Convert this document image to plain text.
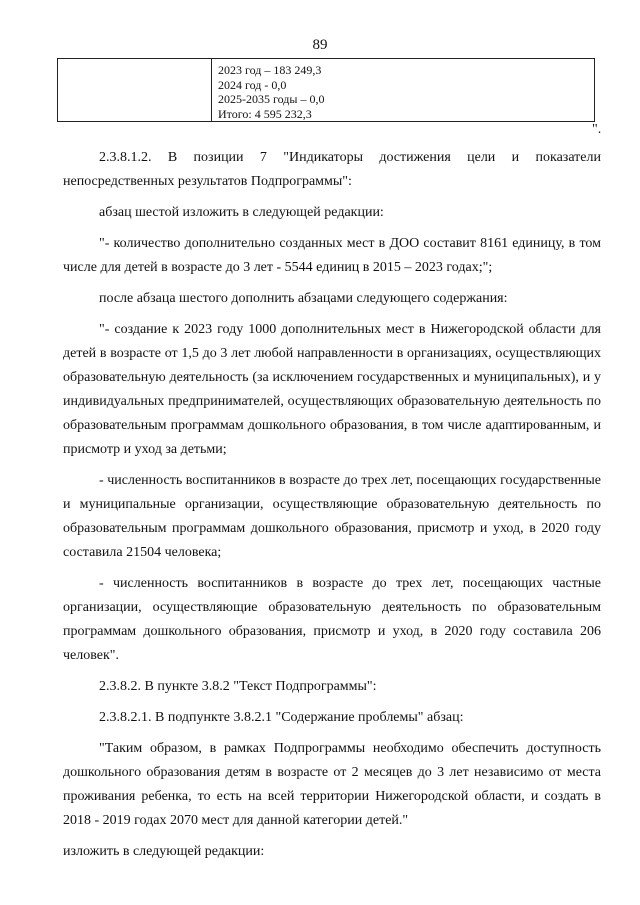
89
2023 год – 183 249,3
2024 год - 0,0
2025-2035 годы – 0,0
Итого: 4 595 232,3
".

2.3.8.1.2. В позиции 7 "Индикаторы достижения цели и показатели непосредственных результатов Подпрограммы":

абзац шестой изложить в следующей редакции:

"- количество дополнительно созданных мест в ДОО составит 8161 единицу, в том числе для детей в возрасте до 3 лет - 5544 единиц в 2015 – 2023 годах;";

после абзаца шестого дополнить абзацами следующего содержания:

"- создание к 2023 году 1000 дополнительных мест в Нижегородской области для детей в возрасте от 1,5 до 3 лет любой направленности в организациях, осуществляющих образовательную деятельность (за исключением государственных и муниципальных), и у индивидуальных предпринимателей, осуществляющих образовательную деятельность по образовательным программам дошкольного образования, в том числе адаптированным, и присмотр и уход за детьми;

- численность воспитанников в возрасте до трех лет, посещающих государственные и муниципальные организации, осуществляющие образовательную деятельность по образовательным программам дошкольного образования, присмотр и уход, в 2020 году составила 21504 человека;

- численность воспитанников в возрасте до трех лет, посещающих частные организации, осуществляющие образовательную деятельность по образовательным программам дошкольного образования, присмотр и уход, в 2020 году составила 206 человек".

2.3.8.2. В пункте 3.8.2 "Текст Подпрограммы":

2.3.8.2.1. В подпункте 3.8.2.1 "Содержание проблемы" абзац:

"Таким образом, в рамках Подпрограммы необходимо обеспечить доступность дошкольного образования детям в возрасте от 2 месяцев до 3 лет независимо от места проживания ребенка, то есть на всей территории Нижегородской области, и создать в 2018 - 2019 годах 2070 мест для данной категории детей."

изложить в следующей редакции:
